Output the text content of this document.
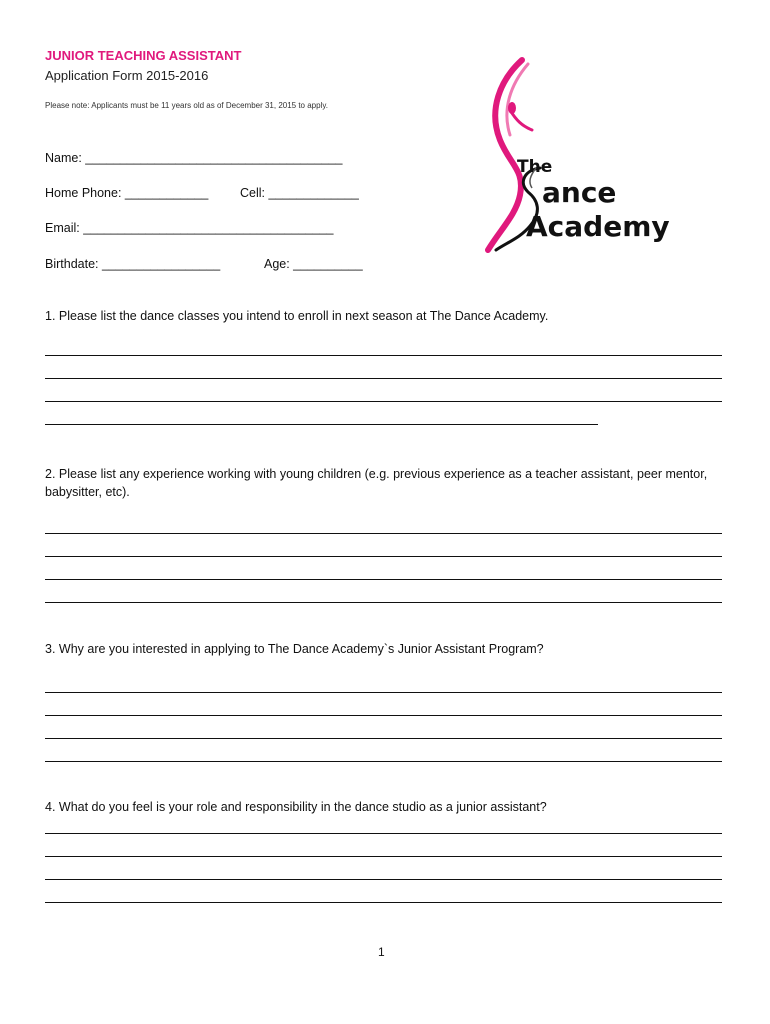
JUNIOR TEACHING ASSISTANT
Application Form 2015-2016
Please note: Applicants must be 11 years old as of December 31, 2015 to apply.
The
ance
Academy
Name: _____________________________________
Home Phone: ____________	Cell: _____________
Email: ____________________________________
Birthdate: _________________	Age: __________
1. Please list the dance classes you intend to enroll in next season at The Dance Academy.
2. Please list any experience working with young children (e.g. previous experience as a teacher assistant, peer mentor, babysitter, etc).
3. Why are you interested in applying to The Dance Academy`s Junior Assistant Program?
4. What do you feel is your role and responsibility in the dance studio as a junior assistant?
1
